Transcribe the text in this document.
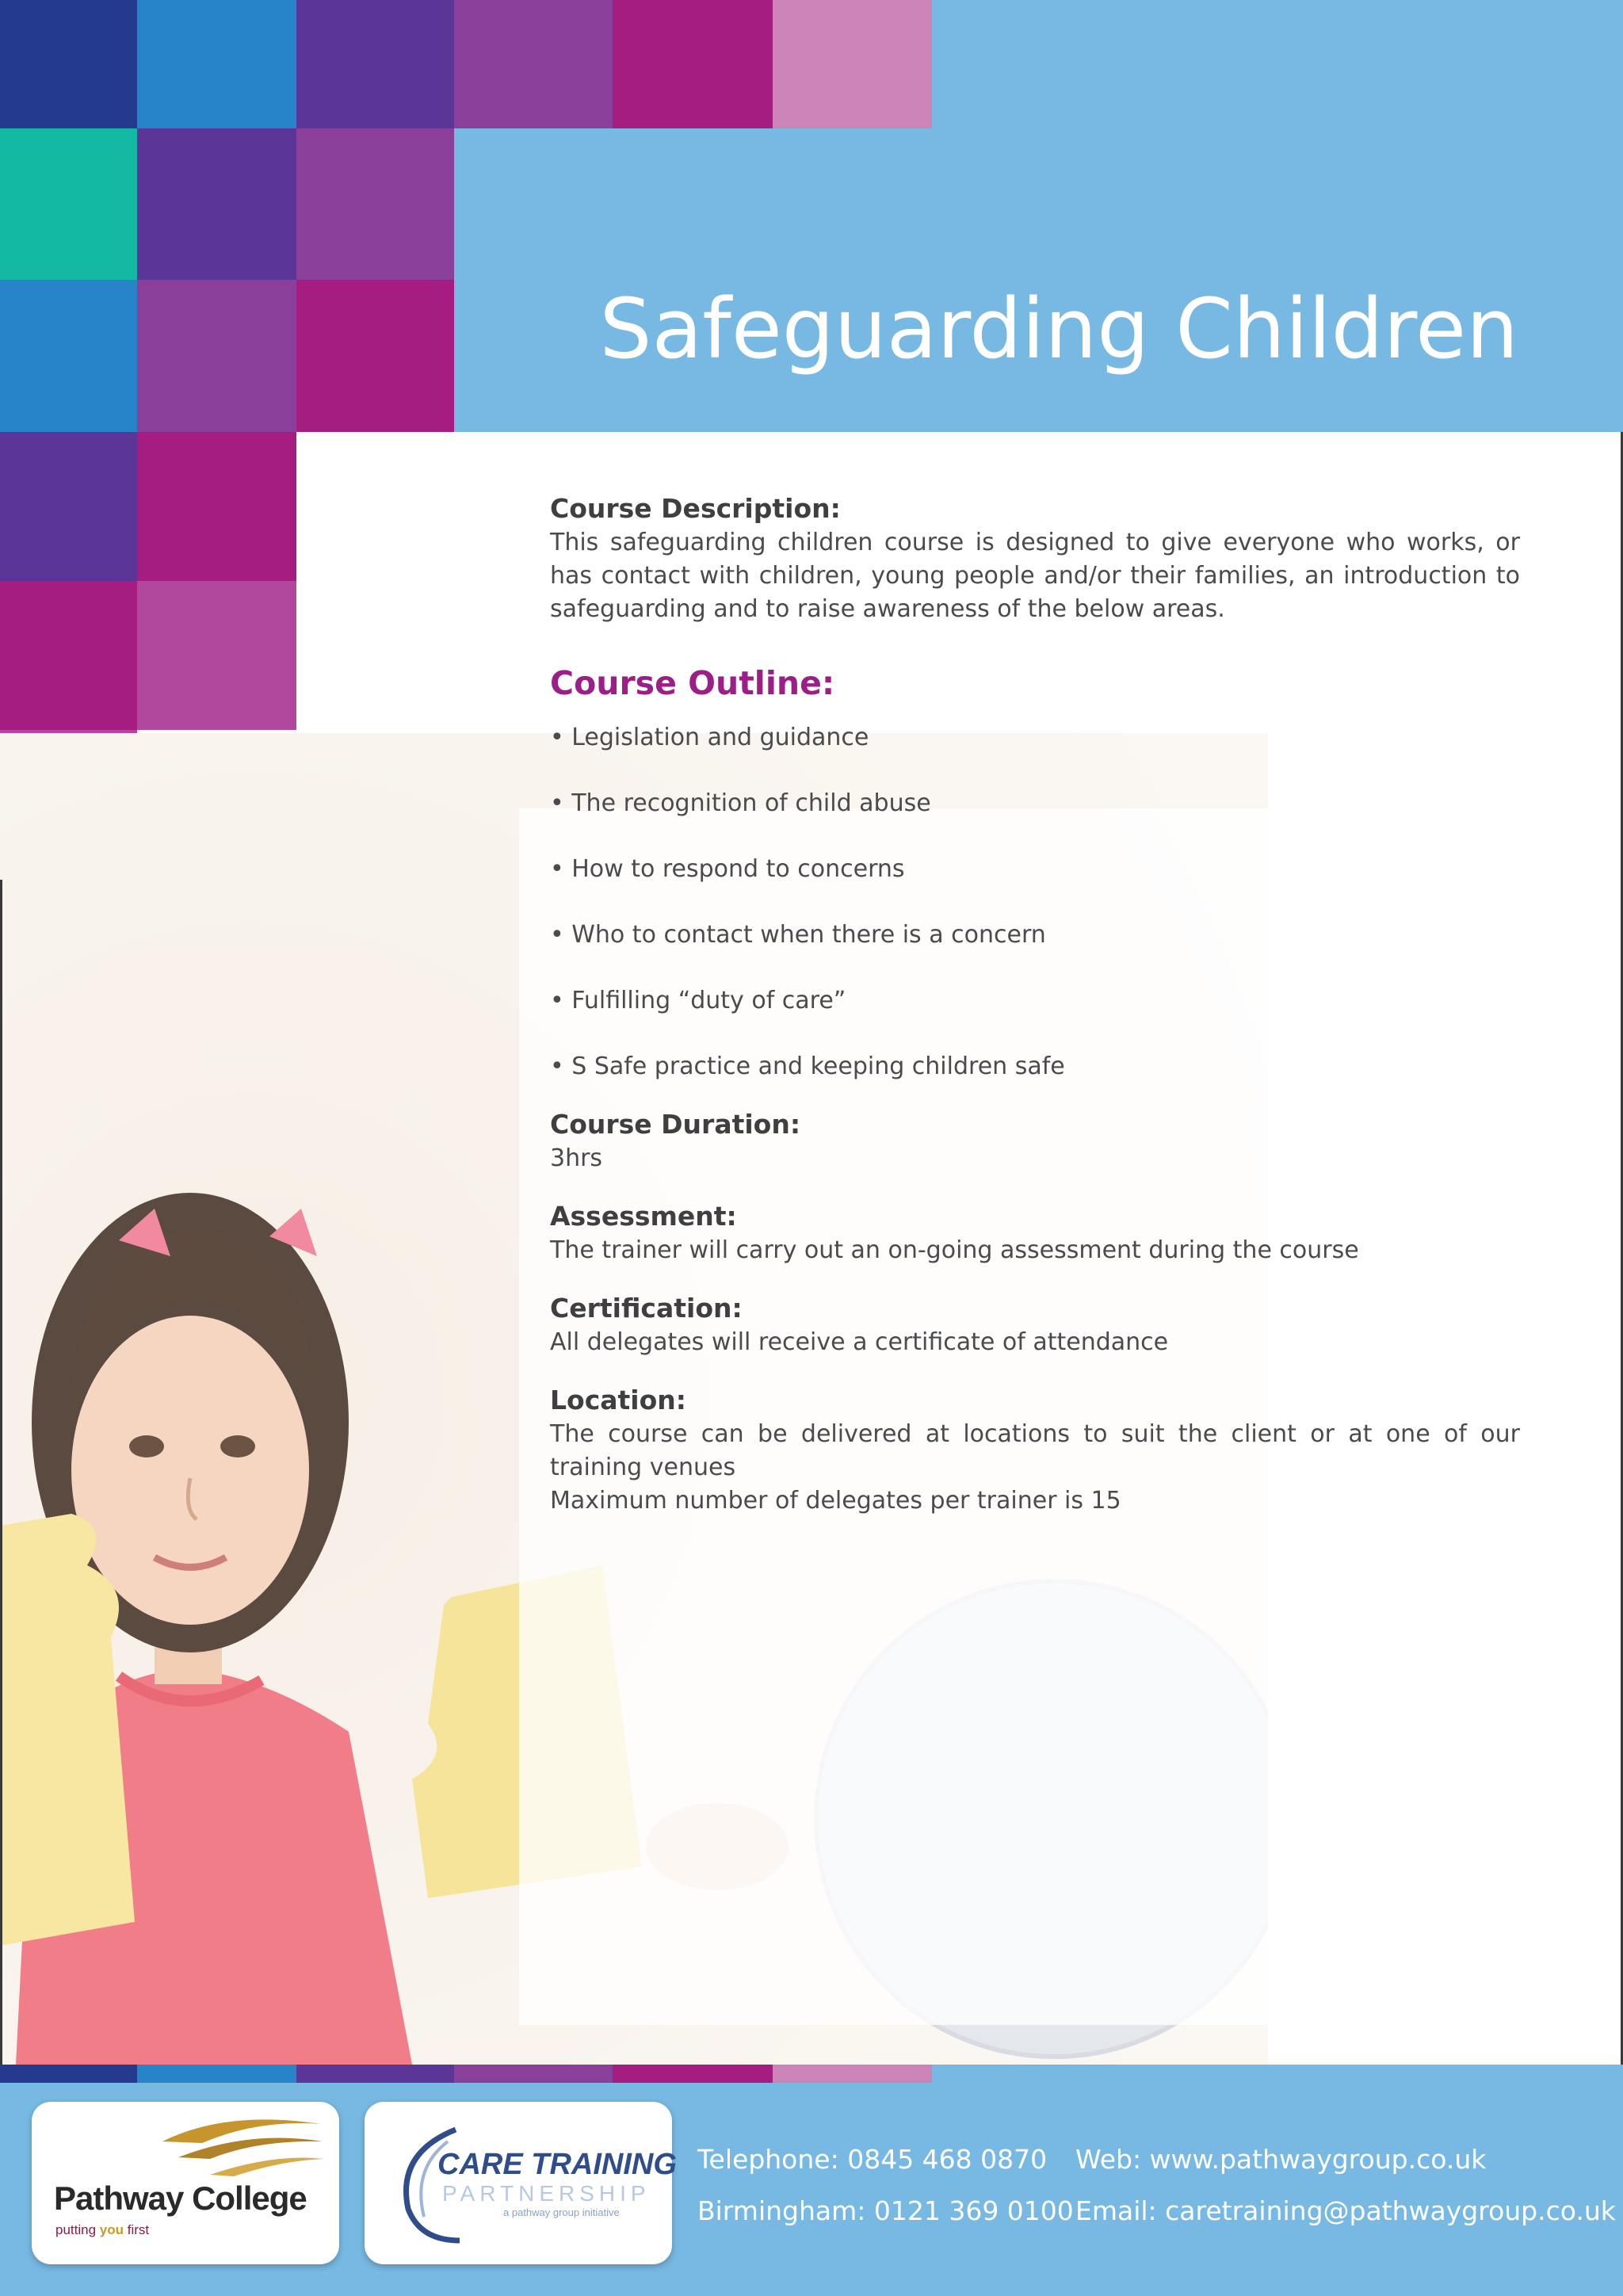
Safeguarding Children
Course Description:

This safeguarding children course is designed to give everyone who works, or has contact with children, young people and/or their families, an introduction to safeguarding and to raise awareness of the below areas.

Course Outline:
• Legislation and guidance
• The recognition of child abuse
• How to respond to concerns
• Who to contact when there is a concern
• Fulfilling “duty of care”
• S Safe practice and keeping children safe
Course Duration:

3hrs

Assessment:

The trainer will carry out an on-going assessment during the course

Certification:

All delegates will receive a certificate of attendance

Location:

The course can be delivered at locations to suit the client or at one of our training venues

Maximum number of delegates per trainer is 15

Pathway College
putting you first
CARE TRAINING
PARTNERSHIP
a pathway group initiative
Telephone: 0845 468 0870
Birmingham: 0121 369 0100
Web: www.pathwaygroup.co.uk
Email: caretraining@pathwaygroup.co.uk
